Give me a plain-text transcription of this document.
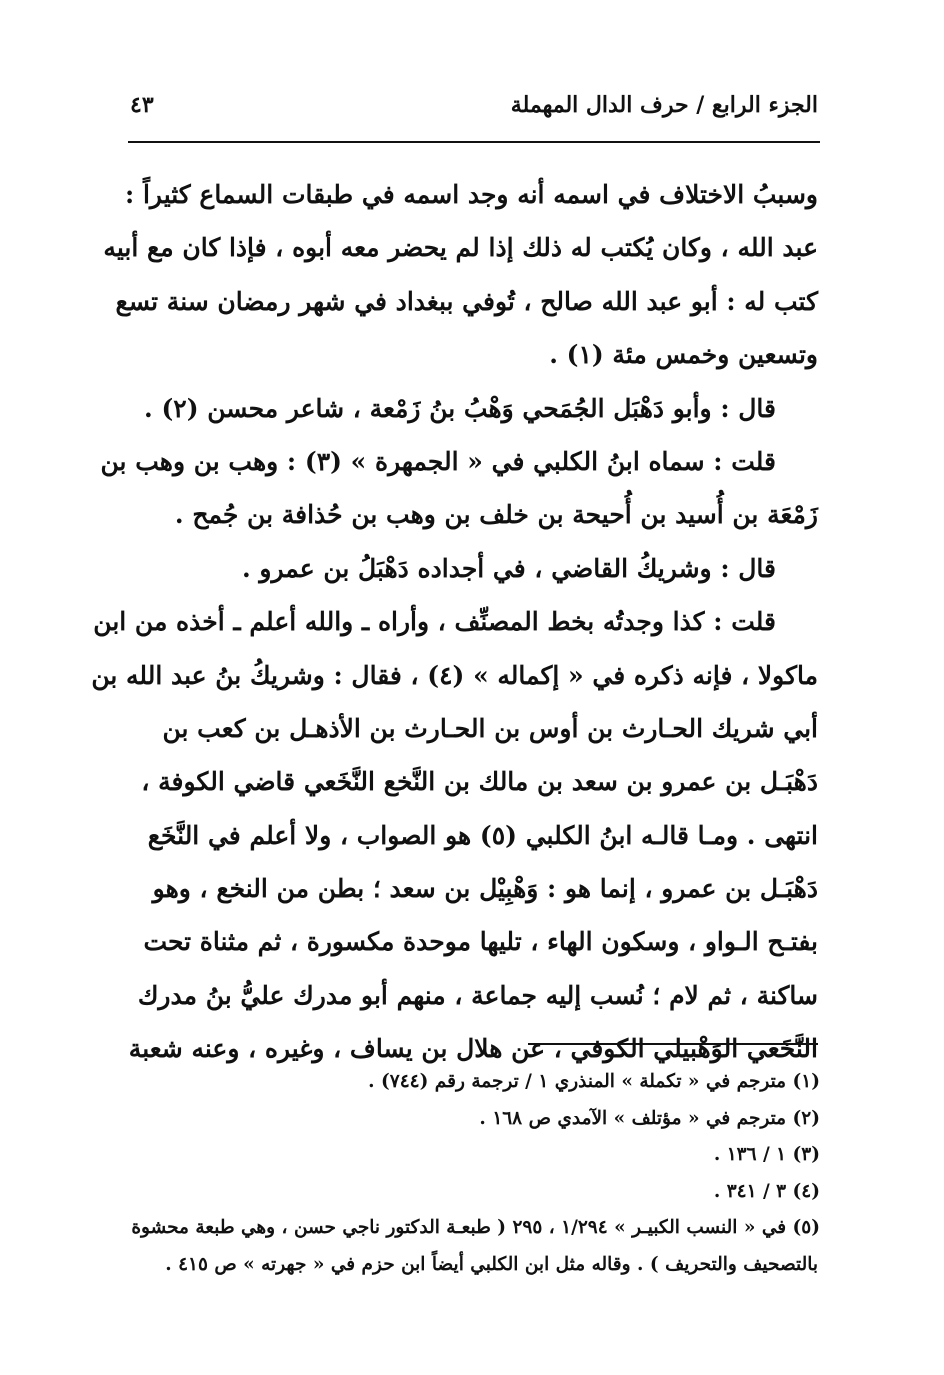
الجزء الرابع / حرف الدال المهملة
٤٣
وسببُ الاختلاف في اسمه أنه وجد اسمه في طبقات السماع كثيراً :
عبد الله ، وكان يُكتب له ذلك إذا لم يحضر معه أبوه ، فإذا كان مع أبيه
كتب له : أبو عبد الله صالح ، تُوفي ببغداد في شهر رمضان سنة تسع
وتسعين وخمس مئة (١) .
قال : وأبو دَهْبَل الجُمَحي وَهْبُ بنُ زَمْعة ، شاعر محسن (٢) .
قلت : سماه ابنُ الكلبي في « الجمهرة » (٣) : وهب بن وهب بن
زَمْعَة بن أُسيد بن أُحيحة بن خلف بن وهب بن حُذافة بن جُمح .
قال : وشريكُ القاضي ، في أجداده دَهْبَلُ بن عمرو .
قلت : كذا وجدتُه بخط المصنِّف ، وأراه ـ والله أعلم ـ أخذه من ابن
ماكولا ، فإنه ذكره في « إكماله » (٤) ، فقال : وشريكُ بنُ عبد الله بن
أبي شريك الحـارث بن أوس بن الحـارث بن الأذهـل بن كعب بن
دَهْبَـل بن عمرو بن سعد بن مالك بن النَّخع النَّخَعي قاضي الكوفة ،
انتهى . ومـا قالـه ابنُ الكلبي (٥) هو الصواب ، ولا أعلم في النَّخَع
دَهْبَـل بن عمرو ، إنما هو : وَهْبِيْل بن سعد ؛ بطن من النخع ، وهو
بفتـح الـواو ، وسكون الهاء ، تليها موحدة مكسورة ، ثم مثناة تحت
ساكنة ، ثم لام ؛ نُسب إليه جماعة ، منهم أبو مدرك عليُّ بنُ مدرك
النَّخَعي الوَهْبيلي الكوفي ، عن هلال بن يساف ، وغيره ، وعنه شعبة
(١) مترجم في « تكملة » المنذري ١ / ترجمة رقم (٧٤٤) .
(٢) مترجم في « مؤتلف » الآمدي ص ١٦٨ .
(٣) ١ / ١٣٦ .
(٤) ٣ / ٣٤١ .
(٥) في « النسب الكبيـر » ١/٢٩٤ ، ٢٩٥ ( طبعـة الدكتور ناجي حسن ، وهي طبعة محشوة
بالتصحيف والتحريف ) . وقاله مثل ابن الكلبي أيضاً ابن حزم في « جهرته » ص ٤١٥ .
